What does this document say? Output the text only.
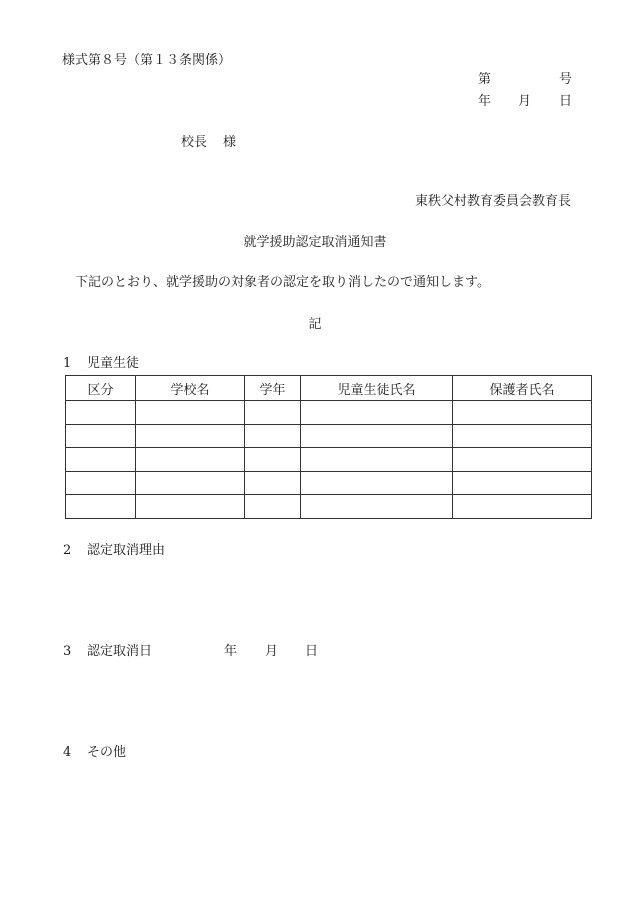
様式第８号（第１３条関係）
第	号
年 月 日
校長 様
東秩父村教育委員会教育長
就学援助認定取消通知書
下記のとおり、就学援助の対象者の認定を取り消したので通知します。
記
1 児童生徒
区分	学校名	学年	児童生徒氏名	保護者氏名

2 認定取消理由
3 認定取消日	年 月 日
4 その他
